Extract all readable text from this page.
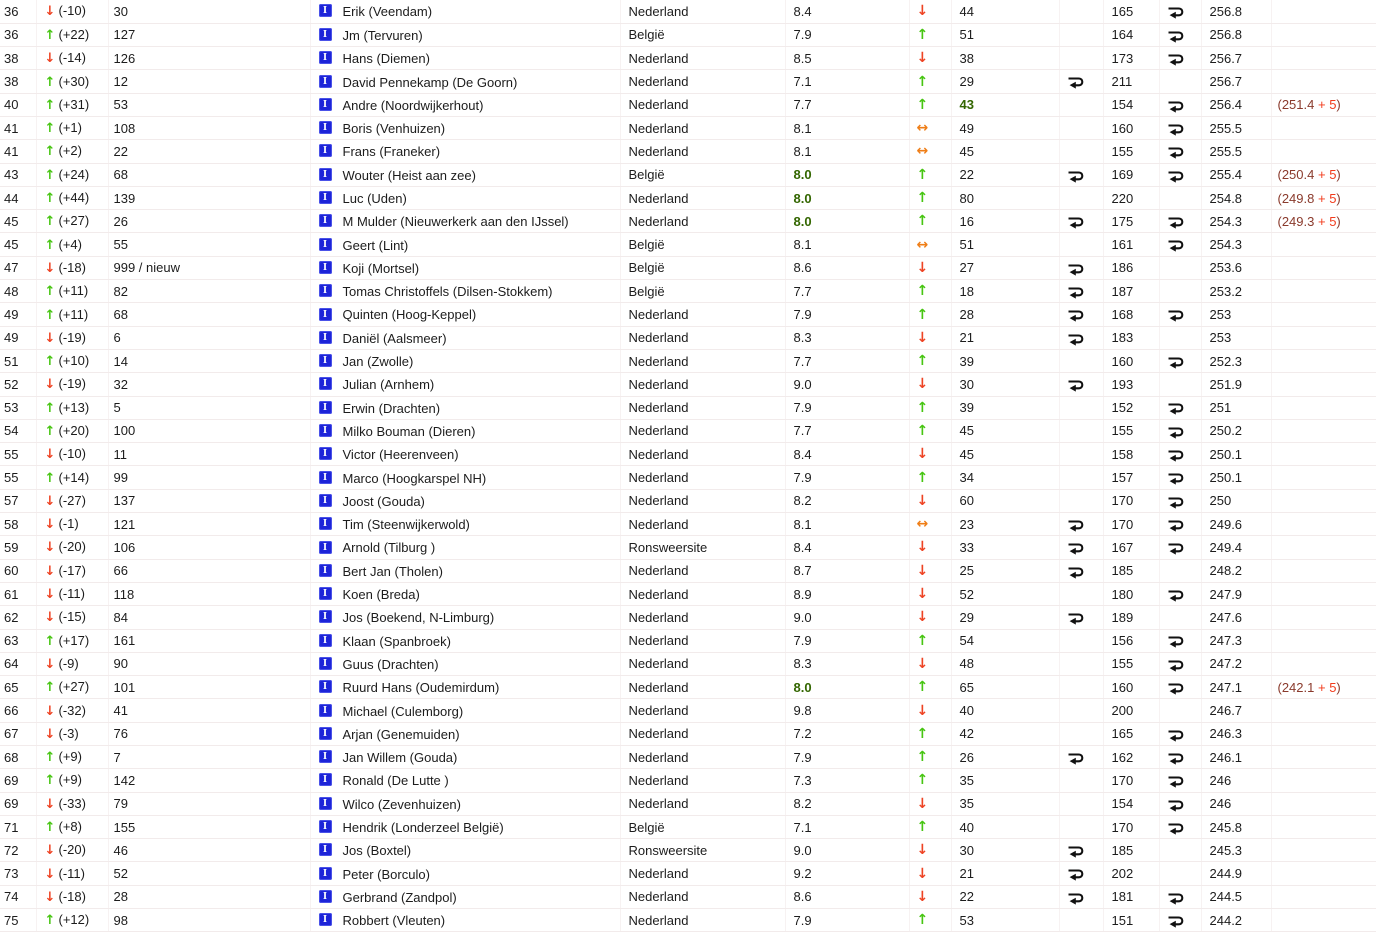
36	↓ (-10)	30	I Erik (Veendam)	Nederland	8.4	↓	44		165		256.8	
36	↑ (+22)	127	I Jm (Tervuren)	België	7.9	↑	51		164		256.8	
38	↓ (-14)	126	I Hans (Diemen)	Nederland	8.5	↓	38		173		256.7	
38	↑ (+30)	12	I David Pennekamp (De Goorn)	Nederland	7.1	↑	29		211		256.7	
40	↑ (+31)	53	I Andre (Noordwijkerhout)	Nederland	7.7	↑	43		154		256.4	(251.4 + 5)
41	↑ (+1)	108	I Boris (Venhuizen)	Nederland	8.1	↔	49		160		255.5	
41	↑ (+2)	22	I Frans (Franeker)	Nederland	8.1	↔	45		155		255.5	
43	↑ (+24)	68	I Wouter (Heist aan zee)	België	8.0	↑	22		169		255.4	(250.4 + 5)
44	↑ (+44)	139	I Luc (Uden)	Nederland	8.0	↑	80		220		254.8	(249.8 + 5)
45	↑ (+27)	26	I M Mulder (Nieuwerkerk aan den IJssel)	Nederland	8.0	↑	16		175		254.3	(249.3 + 5)
45	↑ (+4)	55	I Geert (Lint)	België	8.1	↔	51		161		254.3	
47	↓ (-18)	999 / nieuw	I Koji (Mortsel)	België	8.6	↓	27		186		253.6	
48	↑ (+11)	82	I Tomas Christoffels (Dilsen-Stokkem)	België	7.7	↑	18		187		253.2	
49	↑ (+11)	68	I Quinten (Hoog-Keppel)	Nederland	7.9	↑	28		168		253	
49	↓ (-19)	6	I Daniël (Aalsmeer)	Nederland	8.3	↓	21		183		253	
51	↑ (+10)	14	I Jan (Zwolle)	Nederland	7.7	↑	39		160		252.3	
52	↓ (-19)	32	I Julian (Arnhem)	Nederland	9.0	↓	30		193		251.9	
53	↑ (+13)	5	I Erwin (Drachten)	Nederland	7.9	↑	39		152		251	
54	↑ (+20)	100	I Milko Bouman (Dieren)	Nederland	7.7	↑	45		155		250.2	
55	↓ (-10)	11	I Victor (Heerenveen)	Nederland	8.4	↓	45		158		250.1	
55	↑ (+14)	99	I Marco (Hoogkarspel NH)	Nederland	7.9	↑	34		157		250.1	
57	↓ (-27)	137	I Joost (Gouda)	Nederland	8.2	↓	60		170		250	
58	↓ (-1)	121	I Tim (Steenwijkerwold)	Nederland	8.1	↔	23		170		249.6	
59	↓ (-20)	106	I Arnold (Tilburg )	Ronsweersite	8.4	↓	33		167		249.4	
60	↓ (-17)	66	I Bert Jan (Tholen)	Nederland	8.7	↓	25		185		248.2	
61	↓ (-11)	118	I Koen (Breda)	Nederland	8.9	↓	52		180		247.9	
62	↓ (-15)	84	I Jos (Boekend, N-Limburg)	Nederland	9.0	↓	29		189		247.6	
63	↑ (+17)	161	I Klaan (Spanbroek)	Nederland	7.9	↑	54		156		247.3	
64	↓ (-9)	90	I Guus (Drachten)	Nederland	8.3	↓	48		155		247.2	
65	↑ (+27)	101	I Ruurd Hans (Oudemirdum)	Nederland	8.0	↑	65		160		247.1	(242.1 + 5)
66	↓ (-32)	41	I Michael (Culemborg)	Nederland	9.8	↓	40		200		246.7	
67	↓ (-3)	76	I Arjan (Genemuiden)	Nederland	7.2	↑	42		165		246.3	
68	↑ (+9)	7	I Jan Willem (Gouda)	Nederland	7.9	↑	26		162		246.1	
69	↑ (+9)	142	I Ronald (De Lutte )	Nederland	7.3	↑	35		170		246	
69	↓ (-33)	79	I Wilco (Zevenhuizen)	Nederland	8.2	↓	35		154		246	
71	↑ (+8)	155	I Hendrik (Londerzeel België)	België	7.1	↑	40		170		245.8	
72	↓ (-20)	46	I Jos (Boxtel)	Ronsweersite	9.0	↓	30		185		245.3	
73	↓ (-11)	52	I Peter (Borculo)	Nederland	9.2	↓	21		202		244.9	
74	↓ (-18)	28	I Gerbrand (Zandpol)	Nederland	8.6	↓	22		181		244.5	
75	↑ (+12)	98	I Robbert (Vleuten)	Nederland	7.9	↑	53		151		244.2	
